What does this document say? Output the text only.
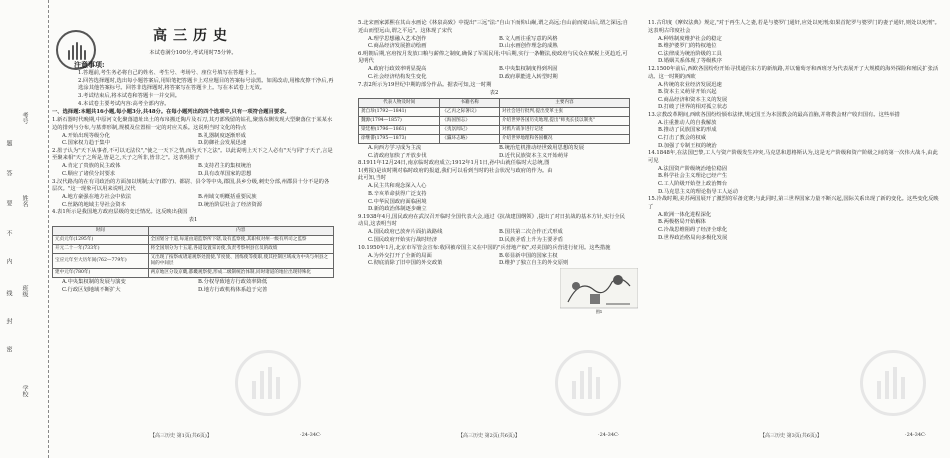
考号
姓名
班级
学校
题
答
要
不
内
线
封
密
高三历史

本试卷满分100分,考试用时75分钟。

注意事项:

1.答题前,考生务必将自己的姓名、考生号、考场号、座位号填写在答题卡上。

2.回答选择题时,选出每小题答案后,用铅笔把答题卡上对应题目的答案标号涂黑。如需改动,用橡皮擦干净后,再选涂其他答案标号。回答非选择题时,将答案写在答题卡上。写在本试卷上无效。

3.考试结束后,将本试卷和答题卡一并交回。

4.本试卷主要考试内容:高考全部内容。

一、选择题:本题共16小题,每小题3分,共48分。在每小题列出的四个选项中,只有一项符合题目要求。

1.新石器时代晚期,中原河文化聚落遗址出土的布帛搬迁陶片及石刀,其刃部残留的钻孔,聚落东侧发现大型聚落位于某某水边的排列与分布,与墓葬形制,规模及位置相一定的对应关系。这说明当时文化的特点

A.开始出现等级分化	B.礼器制度逐渐形成
C.国家权力趋于集中	D.防御社会发展迅速

2.墨子认为"天下从事者,不可以无法仪","使之一天下之情,而为天下之法"。以此说明上天下之人必有"天与同"于天子,言是至聚来相"天子之所是,皆是之,天子之所非,皆非之"。这表明墨子

A.肯定了贵族的民主政体	B.支持君主的集权统治
C.顺应了诸侯分封要求	D.具有改革国家的思想

3.汉代路沟的在有司政治的方面加以规制;太守(郡守)、都尉、县令等中央,郡国,县乡分级,刺史分部,州郡县十分不是的各层次。"这一现象可以用来说明,汉代

A.地方豪强在地方社会中依法	B.州域文明概括重要民族
C.丝路的地域主导社会资本	D.统治阶层社会了经济资源

4.表1所示是我国地方政府层级的变迁情况。这反映出我国

表1
时间	内容
元贞元年(1295年)	全国划分十道,每道由道监察所下辖,设有监察使,其职权对州一级有所司之监察
开元二十一年(733年)	将全国划分为十五道,各道设置采访使,负责考察州县官员的政绩
宝应元年至大历年间(762—779年)	又出现了按察或诸道观察处置使,节度使、团练使等使职,使其控制区域成为中央与州县之间的中间层
建中元年(780年)	两京地区分设京畿,都畿观察使,形成二级制统治体制,同时诸道的地位出现特殊化
A.中央集权制的发展与演变	B.分权导致地方行政效率降低
C.行政区划地域不断扩大	D.地方行政机构体系趋于完善

5.北宋画家郭熙在其山水画论《林泉高致》中提出"三远"法:"自山下而仰山巅,谓之高远;自山前而窥山后,谓之深远;自近山而望远山,谓之平远"。这体现了宋代

A.理学思想融入艺术创作	B.文人画注重写意的风格
C.商品经济发展推动绘画	D.山水画创作理念的成熟

6.明朝后期,官府按月发放口粮与薪俸之制度,确保了军需民用;中后期,实行一条鞭法,使政府与民众在赋税上更趋近,可见明代

A.政府行政效率明显提高	B.中央集权制度得到巩固
C.社会经济结构发生变化	D.政府职能进入转型时期

7.表2所示为19世纪中期的部分作品。据表可知,这一时期

表2
代表人物及时间	书籍名称	主要内容
龚自珍(1792—1841)	《乙丙之际箸议》	对社会进行批判,提出变革主张
魏源(1794—1857)	《海国图志》	介绍世界各国历史地理,提出"师夷长技以制夷"
梁廷枏(1796—1861)	《夷氛闻记》	对鸦片战争进行记述
徐继畬(1795—1873)	《瀛环志略》	介绍世界地理和各国概况
A.向西方学习成为主流	B.统治危机推动经世致用思想的发展
C.清政府加快了开放步伐	D.近代民族资本主义开始萌芽

8.1911年12月24日,南京临时政府成立;1912年1月1日,孙中山就任临时大总统,图1(剪报)是该时期对临时政府的报道,我们可以看到当时的社会状况与政府的作为。由此可知,当时

A.民主共和观念深入人心
B.辛亥革命获得广泛支持
C.中华民国政府面临困境
D.新的政治体制逐步确立

9.1938年4月,国民政府在武汉召开临时全国代表大会,通过《抗战建国纲领》,提出了对日抗战的基本方针,实行全民动员,这表明当时

A.国民政府已放弃片面抗战路线	B.国共第二次合作正式形成
C.国民政府开始实行战时经济	D.民族矛盾上升为主要矛盾

10.1950年1月,北京市军管会宣布:收回被帝国主义在中国的"兵营地产权",对美国的兵营进行征用。这些措施

A.为外交打开了全新的局面	B.彰显新中国的国家主权
C.彻底消除了旧中国的外交政策	D.维护了独立自主的外交原则
图1

11.古印度《摩奴法典》规定,"对于再生人之妻,若是与婆罗门通奸,应处以死刑;如果首陀罗与婆罗门的妻子通奸,则处以死刑"。这表明古印度社会

A.种姓制度维护社会的稳定
B.维护婆罗门的特权地位
C.法律成为统治阶级的工具
D.婚姻关系体现了等级秩序

12.1500年前后,西欧各国纷纷开始寻找通往东方的新航路,并以葡萄牙和西班牙为代表展开了大规模的海外探险和殖民扩张活动。这一时期的西欧

A.传统的农业经济发展迅速
B.资本主义萌芽开始兴起
C.商品经济和资本主义的发展
D.打破了世界的相对孤立状态

13.宗教改革期间,西欧各国纷纷颁布法律,规定国王为本国教会的最高首脑,并将教会财产收归国有。这些举措

A.注重推动人的自我解放
B.推动了民族国家的形成
C.打击了教会的权威
D.加强了专制王权的统治

14.1848年,在法国巴黎,工人与资产阶级发生冲突,马克思和恩格斯认为,这是无产阶级和资产阶级之间的第一次伟大战斗,由此可见

A.法国资产阶级统治地位稳固
B.科学社会主义理论已经产生
C.工人阶级开始登上政治舞台
D.马克思主义的理论指导工人运动

15.冷战时期,美苏两国展开了激烈的军备竞赛;与此同时,第三世界国家力量不断兴起,国际关系出现了新的变化。这些变化反映了

A.欧洲一体化进程深化
B.两极格局开始解体
C.冷战思维阻碍了经济全球化
D.世界政治格局向多极化发展
【高三历史 第1页(共6页)】	·24-34C·	【高三历史 第2页(共6页)】	·24-34C·	【高三历史 第3页(共6页)】	·24-34C·
